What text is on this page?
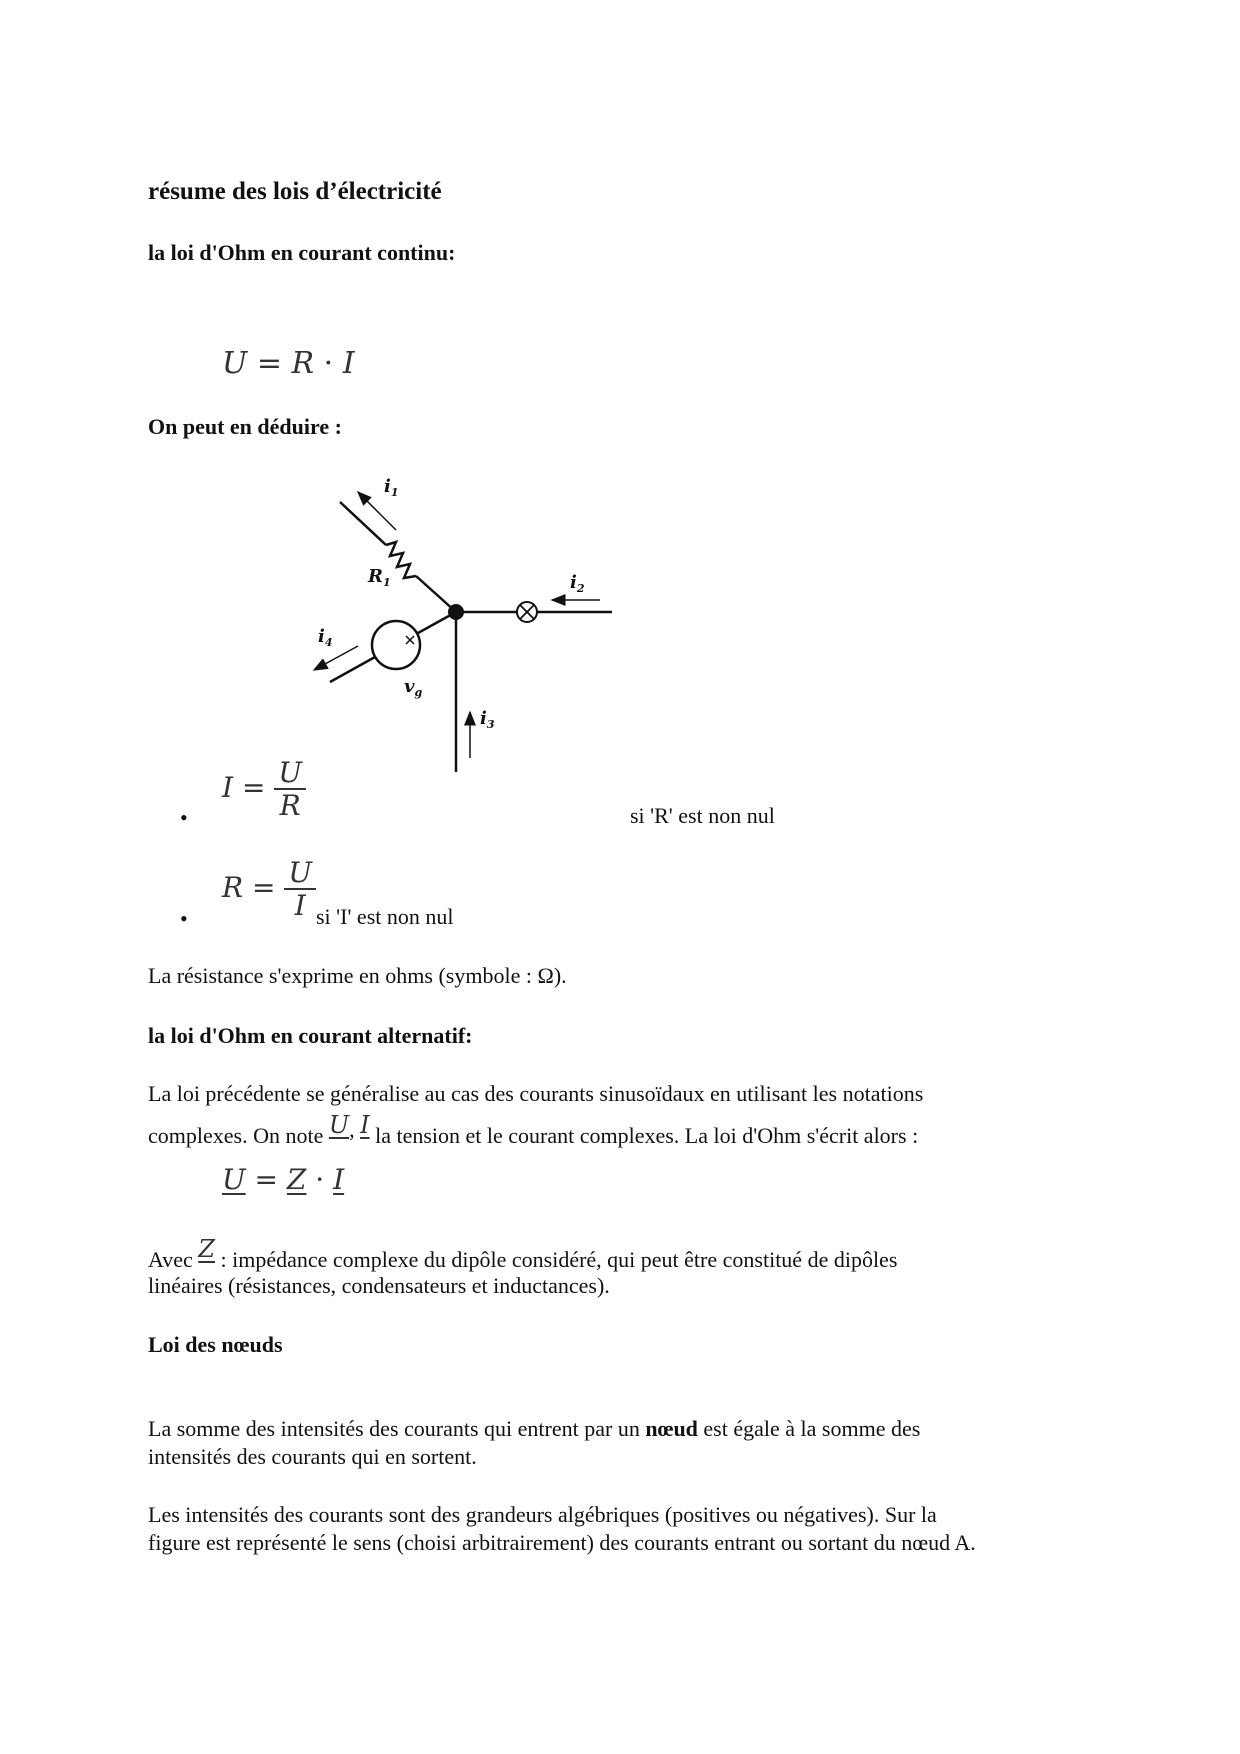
résume des lois d’électricité
la loi d'Ohm en courant continu:
U = R · I
On peut en déduire :
$i_1$
$i_2$
$i_3$
$i_4$
$R_1$
$v_g$
•
$I = \frac{U}{R}$	si 'R' est non nul
•
$R = \frac{U}{I}$ si 'I' est non nul
La résistance s'exprime en ohms (symbole : Ω).
la loi d'Ohm en courant alternatif:
La loi précédente se généralise au cas des courants sinusoïdaux en utilisant les notations
complexes. On note U, I la tension et le courant complexes. La loi d'Ohm s'écrit alors :
U = Z · I
Avec Z : impédance complexe du dipôle considéré, qui peut être constitué de dipôles
linéaires (résistances, condensateurs et inductances).
Loi des nœuds
La somme des intensités des courants qui entrent par un nœud est égale à la somme des
intensités des courants qui en sortent.
Les intensités des courants sont des grandeurs algébriques (positives ou négatives). Sur la
figure est représenté le sens (choisi arbitrairement) des courants entrant ou sortant du nœud A.
